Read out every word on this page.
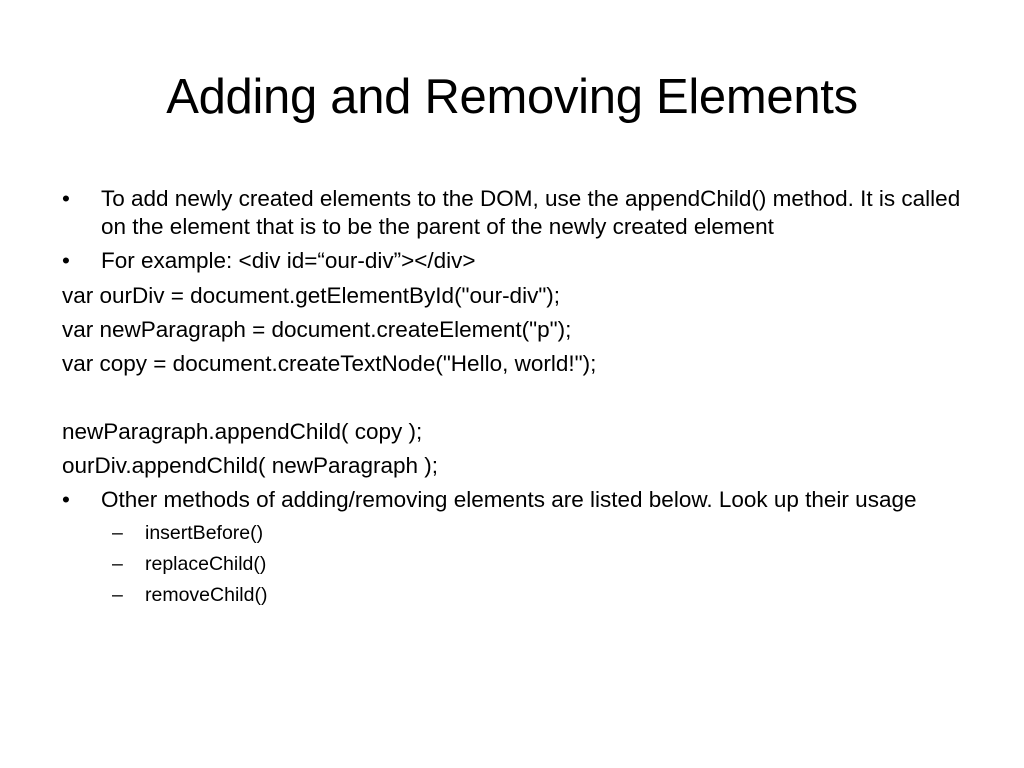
Adding and Removing Elements

• To add newly created elements to the DOM, use the appendChild() method. It is called on the element that is to be the parent of the newly created element

• For example: <div id=“our-div”></div>

var ourDiv = document.getElementById("our-div");

var newParagraph = document.createElement("p");

var copy = document.createTextNode("Hello, world!");

newParagraph.appendChild( copy );

ourDiv.appendChild( newParagraph );

• Other methods of adding/removing elements are listed below. Look up their usage

– insertBefore()

– replaceChild()

– removeChild()
